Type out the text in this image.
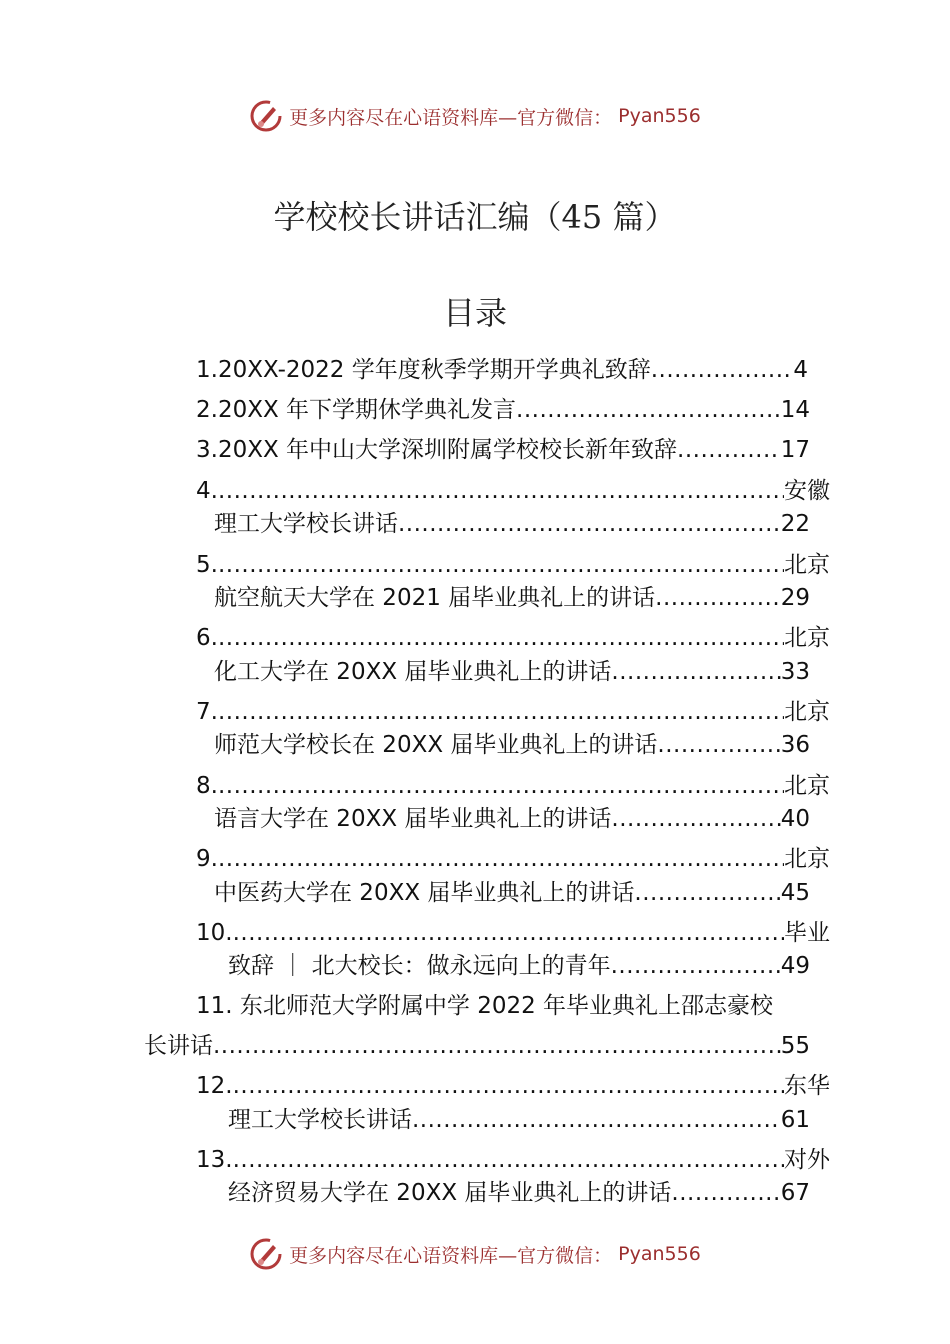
更多内容尽在心语资料库—官方微信： Pyan556
学校校长讲话汇编（45 篇）
目录
1.20XX-2022 学年度秋季学期开学典礼致辞 .....	4
2.20XX 年下学期休学典礼发言 .....	14
3.20XX 年中山大学深圳附属学校校长新年致辞 .....	17
4. .....	安徽
理工大学校长讲话 .....	22
5. .....	北京
航空航天大学在 2021 届毕业典礼上的讲话 .....	29
6. .....	北京
化工大学在 20XX 届毕业典礼上的讲话 .....	33
7. .....	北京
师范大学校长在 20XX 届毕业典礼上的讲话 .....	36
8. .....	北京
语言大学在 20XX 届毕业典礼上的讲话 .....	40
9. .....	北京
中医药大学在 20XX 届毕业典礼上的讲话 .....	45
10. .....	毕业
致辞 ｜ 北大校长：做永远向上的青年 .....	49
11. 东北师范大学附属中学 2022 年毕业典礼上邵志豪校
长讲话 .....	55
12. .....	东华
理工大学校长讲话 .....	61
13. .....	对外
经济贸易大学在 20XX 届毕业典礼上的讲话 .....	67
更多内容尽在心语资料库—官方微信： Pyan556
